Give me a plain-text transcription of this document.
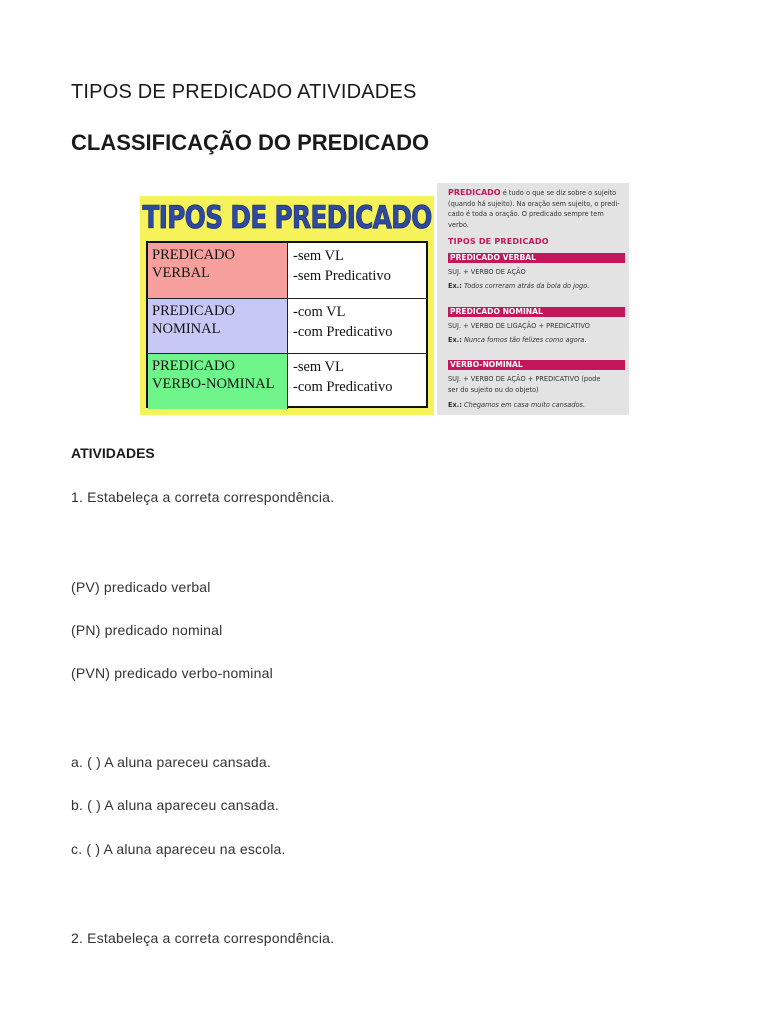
TIPOS DE PREDICADO ATIVIDADES
CLASSIFICAÇÃO DO PREDICADO
TIPOS DE PREDICADO
PREDICADO
VERBAL
-sem VL
-sem Predicativo
PREDICADO
NOMINAL
-com VL
-com Predicativo
PREDICADO
VERBO-NOMINAL
-sem VL
-com Predicativo
PREDICADO é tudo o que se diz sobre o sujeito
(quando há sujeito). Na oração sem sujeito, o predi-
cado é toda a oração. O predicado sempre tem verbo.
TIPOS DE PREDICADO
PREDICADO VERBAL
SUJ. + VERBO DE AÇÃO
Ex.: Todos correram atrás da bola do jogo.
PREDICADO NOMINAL
SUJ. + VERBO DE LIGAÇÃO + PREDICATIVO
Ex.: Nunca fomos tão felizes como agora.
VERBO-NOMINAL
SUJ. + VERBO DE AÇÃO + PREDICATIVO (pode
ser do sujeito ou do objeto)
Ex.: Chegamos em casa muito cansados.
ATIVIDADES
1. Estabeleça a correta correspondência.
(PV) predicado verbal
(PN) predicado nominal
(PVN) predicado verbo-nominal
a. ( ) A aluna pareceu cansada.
b. ( ) A aluna apareceu cansada.
c. ( ) A aluna apareceu na escola.
2. Estabeleça a correta correspondência.
